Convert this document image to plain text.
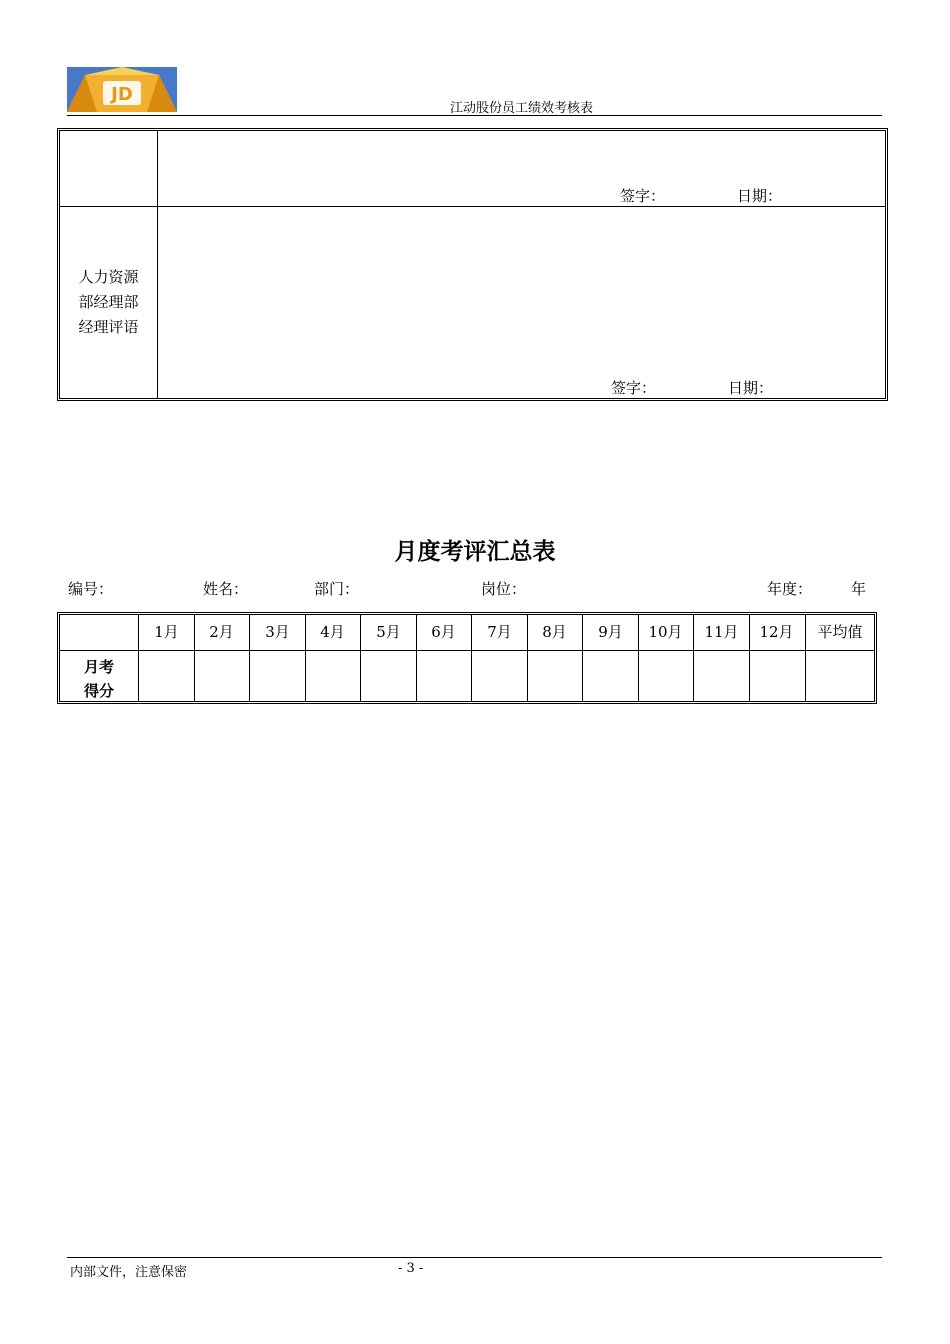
JD
江动股份员工绩效考核表
签字：	日期：
人力资源
部经理部
经理评语
签字：	日期：
月度考评汇总表
编号：	姓名：	部门：	岗位：	年度：	年
1月	2月	3月	4月	5月	6月	7月	8月	9月	10月	11月	12月	平均值
月考
得分
内部文件，注意保密	- 3 -
